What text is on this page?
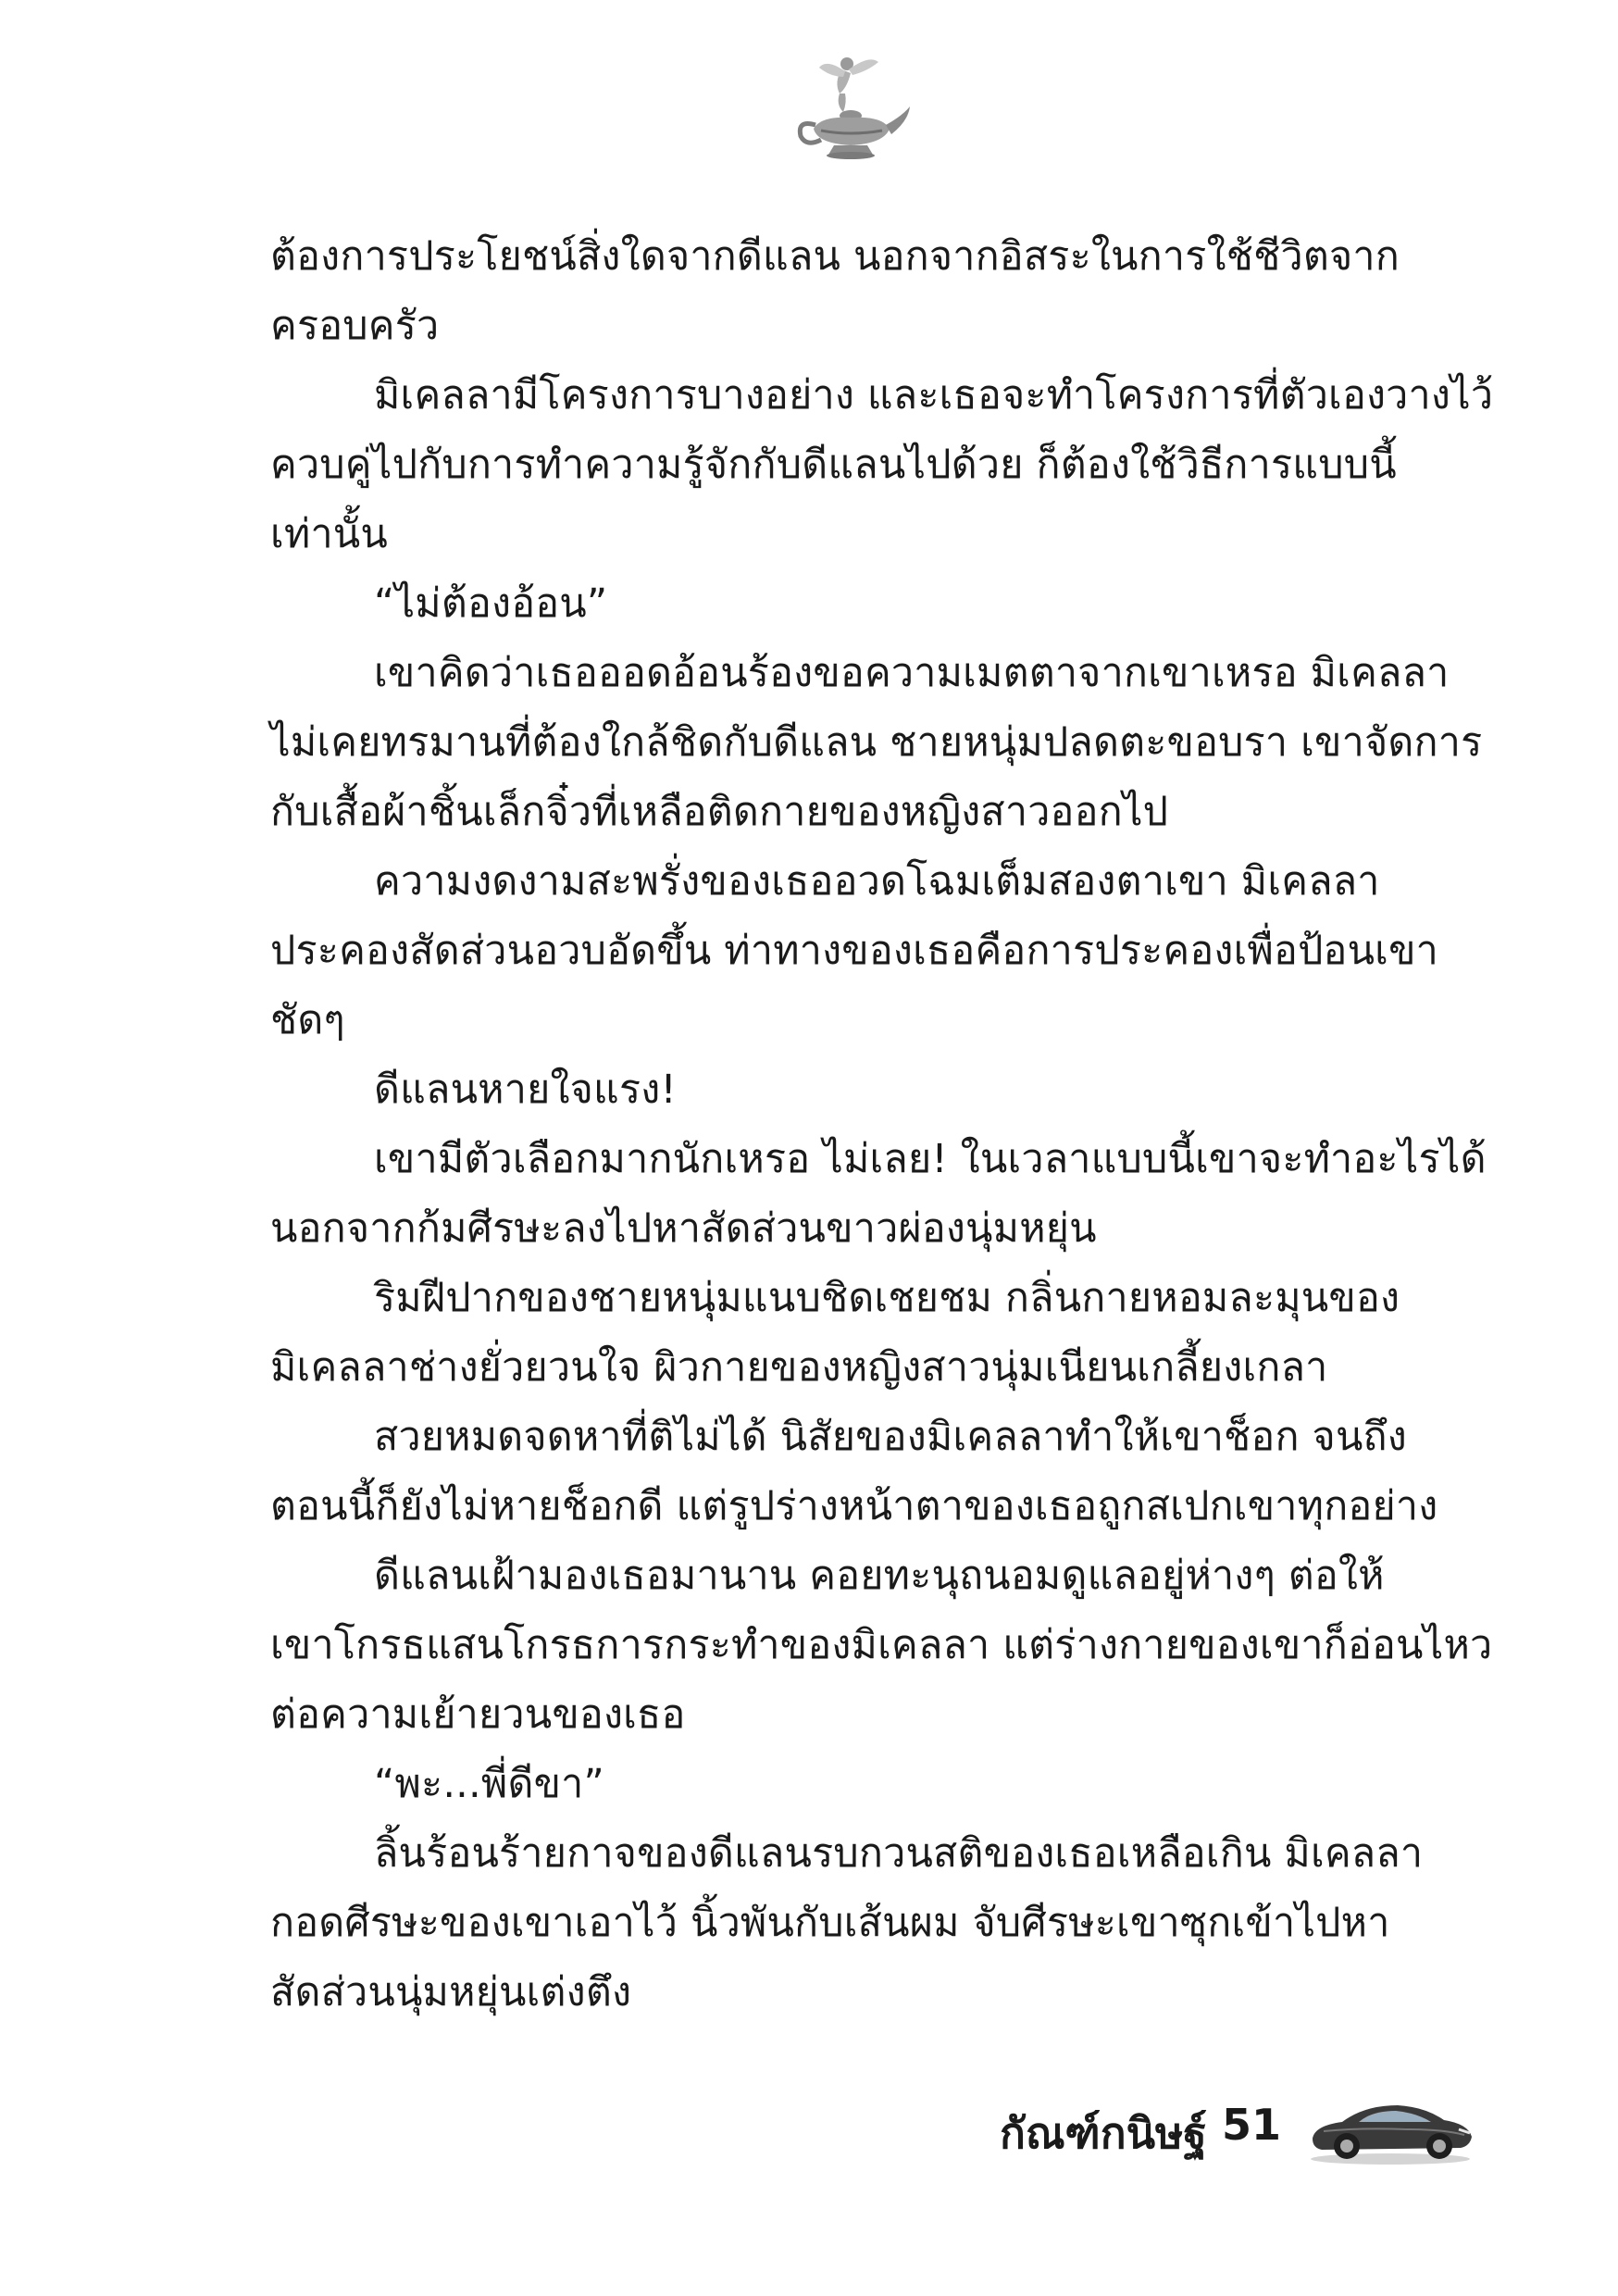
ต้องการประโยชน์สิ่งใดจากดีแลน นอกจากอิสระในการใช้ชีวิตจาก
ครอบครัว
มิเคลลามีโครงการบางอย่าง และเธอจะทำโครงการที่ตัวเองวางไว้
ควบคู่ไปกับการทำความรู้จักกับดีแลนไปด้วย ก็ต้องใช้วิธีการแบบนี้
เท่านั้น
“ไม่ต้องอ้อน”
เขาคิดว่าเธอออดอ้อนร้องขอความเมตตาจากเขาเหรอ มิเคลลา
ไม่เคยทรมานที่ต้องใกล้ชิดกับดีแลน ชายหนุ่มปลดตะขอบรา เขาจัดการ
กับเสื้อผ้าชิ้นเล็กจิ๋วที่เหลือติดกายของหญิงสาวออกไป
ความงดงามสะพรั่งของเธออวดโฉมเต็มสองตาเขา มิเคลลา
ประคองสัดส่วนอวบอัดขึ้น ท่าทางของเธอคือการประคองเพื่อป้อนเขา
ชัดๆ
ดีแลนหายใจแรง!
เขามีตัวเลือกมากนักเหรอ ไม่เลย! ในเวลาแบบนี้เขาจะทำอะไรได้
นอกจากก้มศีรษะลงไปหาสัดส่วนขาวผ่องนุ่มหยุ่น
ริมฝีปากของชายหนุ่มแนบชิดเชยชม กลิ่นกายหอมละมุนของ
มิเคลลาช่างยั่วยวนใจ ผิวกายของหญิงสาวนุ่มเนียนเกลี้ยงเกลา
สวยหมดจดหาที่ติไม่ได้ นิสัยของมิเคลลาทำให้เขาช็อก จนถึง
ตอนนี้ก็ยังไม่หายช็อกดี แต่รูปร่างหน้าตาของเธอถูกสเปกเขาทุกอย่าง
ดีแลนเฝ้ามองเธอมานาน คอยทะนุถนอมดูแลอยู่ห่างๆ ต่อให้
เขาโกรธแสนโกรธการกระทำของมิเคลลา แต่ร่างกายของเขาก็อ่อนไหว
ต่อความเย้ายวนของเธอ
“พะ...พี่ดีขา”
ลิ้นร้อนร้ายกาจของดีแลนรบกวนสติของเธอเหลือเกิน มิเคลลา
กอดศีรษะของเขาเอาไว้ นิ้วพันกับเส้นผม จับศีรษะเขาซุกเข้าไปหา
สัดส่วนนุ่มหยุ่นเต่งตึง
กัณฑ์กนิษฐ์ 51
